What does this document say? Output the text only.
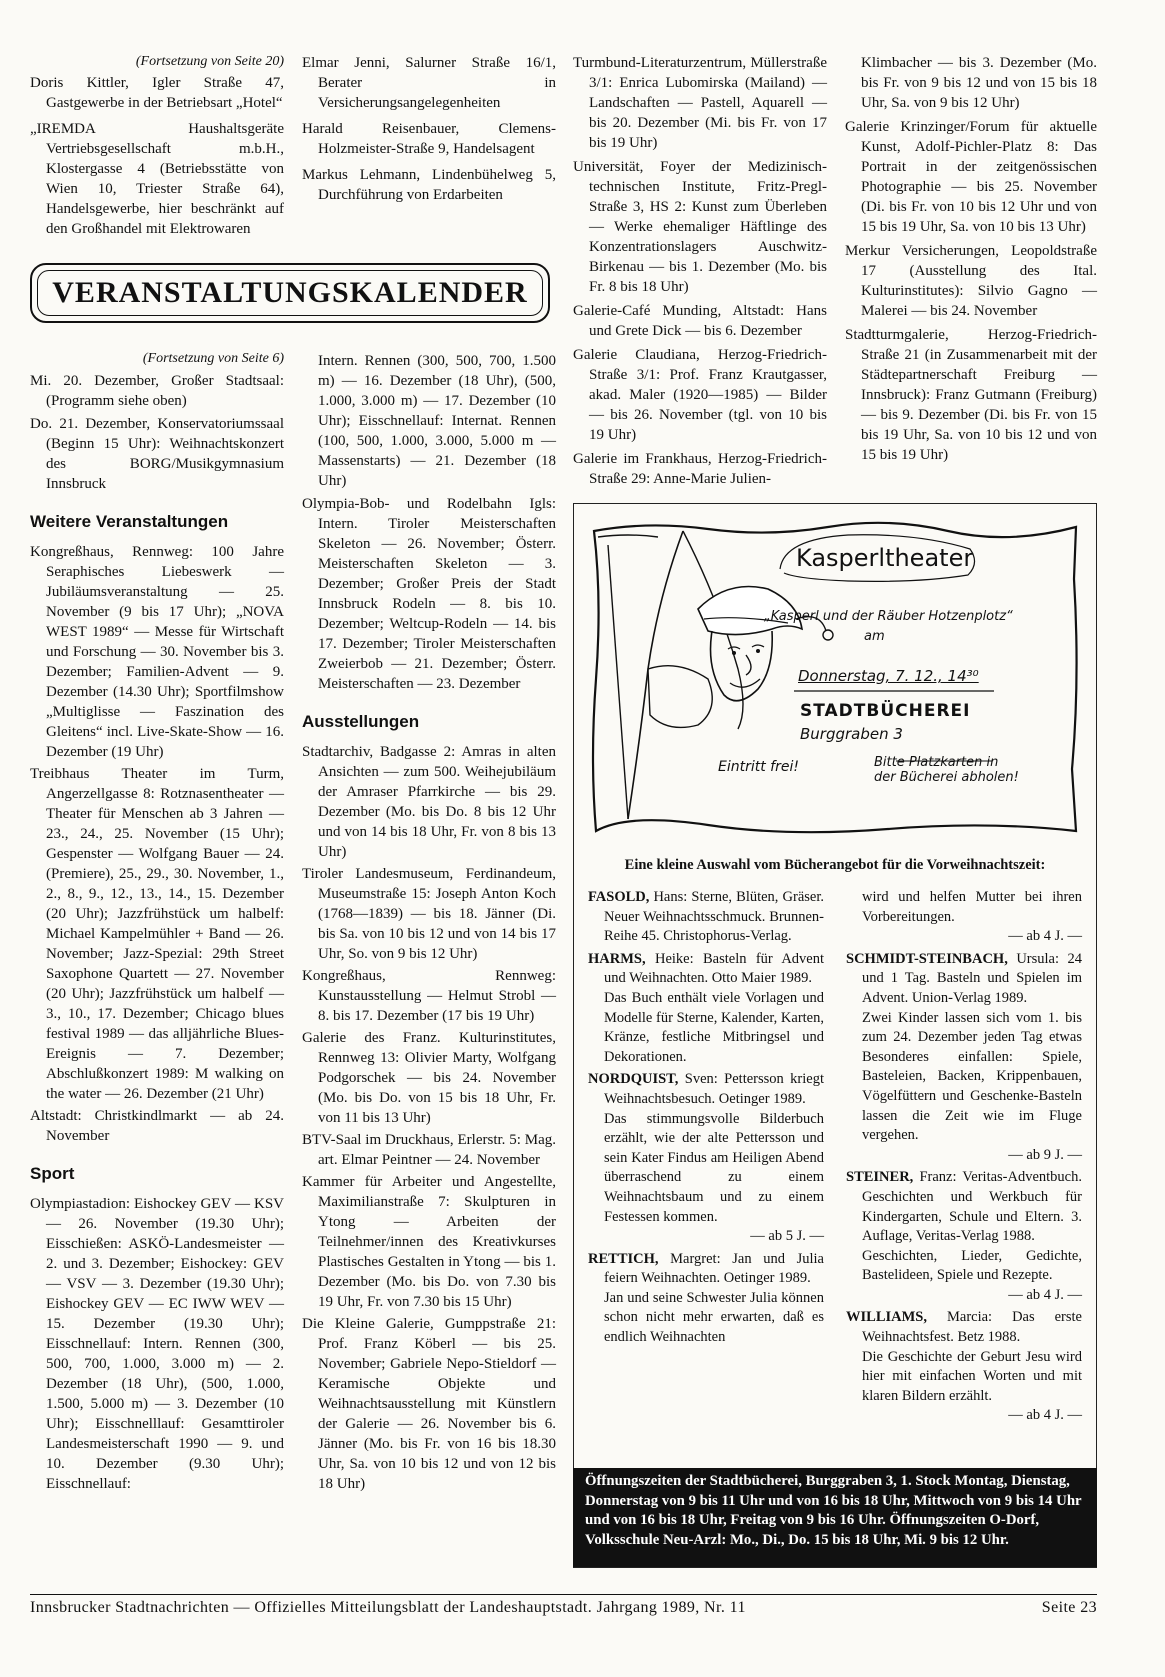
(Fortsetzung von Seite 20)

Doris Kittler, Igler Straße 47, Gastgewerbe in der Betriebsart „Hotel“

„IREMDA Haushaltsgeräte Vertriebsgesellschaft m.b.H., Klostergasse 4 (Betriebsstätte von Wien 10, Triester Straße 64), Handelsgewerbe, hier beschränkt auf den Großhandel mit Elektrowaren

Elmar Jenni, Salurner Straße 16/1, Berater in Versicherungsangelegenheiten

Harald Reisenbauer, Clemens-Holzmeister-Straße 9, Handelsagent

Markus Lehmann, Lindenbühelweg 5, Durchführung von Erdarbeiten

Turmbund-Literaturzentrum, Müllerstraße 3/1: Enrica Lubomirska (Mailand) — Landschaften — Pastell, Aquarell — bis 20. Dezember (Mi. bis Fr. von 17 bis 19 Uhr)

Universität, Foyer der Medizinisch-technischen Institute, Fritz-Pregl-Straße 3, HS 2: Kunst zum Überleben — Werke ehemaliger Häftlinge des Konzentrationslagers Auschwitz-Birkenau — bis 1. Dezember (Mo. bis Fr. 8 bis 18 Uhr)

Galerie-Café Munding, Altstadt: Hans und Grete Dick — bis 6. Dezember

Galerie Claudiana, Herzog-Friedrich-Straße 3/1: Prof. Franz Krautgasser, akad. Maler (1920—1985) — Bilder — bis 26. November (tgl. von 10 bis 19 Uhr)

Galerie im Frankhaus, Herzog-Friedrich-Straße 29: Anne-Marie Julien-

Klimbacher — bis 3. Dezember (Mo. bis Fr. von 9 bis 12 und von 15 bis 18 Uhr, Sa. von 9 bis 12 Uhr)

Galerie Krinzinger/Forum für aktuelle Kunst, Adolf-Pichler-Platz 8: Das Portrait in der zeitgenössischen Photographie — bis 25. November (Di. bis Fr. von 10 bis 12 Uhr und von 15 bis 19 Uhr, Sa. von 10 bis 13 Uhr)

Merkur Versicherungen, Leopoldstraße 17 (Ausstellung des Ital. Kulturinstitutes): Silvio Gagno — Malerei — bis 24. November

Stadtturmgalerie, Herzog-Friedrich-Straße 21 (in Zusammenarbeit mit der Städtepartnerschaft Freiburg — Innsbruck): Franz Gutmann (Freiburg) — bis 9. Dezember (Di. bis Fr. von 15 bis 19 Uhr, Sa. von 10 bis 12 und von 15 bis 19 Uhr)

VERANSTALTUNGSKALENDER
(Fortsetzung von Seite 6)

Mi. 20. Dezember, Großer Stadtsaal: (Programm siehe oben)

Do. 21. Dezember, Konservatoriumssaal (Beginn 15 Uhr): Weihnachtskonzert des BORG/Musikgymnasium Innsbruck

Weitere Veranstaltungen

Kongreßhaus, Rennweg: 100 Jahre Seraphisches Liebeswerk — Jubiläumsveranstaltung — 25. November (9 bis 17 Uhr); „NOVA WEST 1989“ — Messe für Wirtschaft und Forschung — 30. November bis 3. Dezember; Familien-Advent — 9. Dezember (14.30 Uhr); Sportfilmshow „Multiglisse — Faszination des Gleitens“ incl. Live-Skate-Show — 16. Dezember (19 Uhr)

Treibhaus Theater im Turm, Angerzellgasse 8: Rotznasentheater — Theater für Menschen ab 3 Jahren — 23., 24., 25. November (15 Uhr); Gespenster — Wolfgang Bauer — 24. (Premiere), 25., 29., 30. November, 1., 2., 8., 9., 12., 13., 14., 15. Dezember (20 Uhr); Jazzfrühstück um halbelf: Michael Kampelmühler + Band — 26. November; Jazz-Spezial: 29th Street Saxophone Quartett — 27. November (20 Uhr); Jazzfrühstück um halbelf — 3., 10., 17. Dezember; Chicago blues festival 1989 — das alljährliche Blues-Ereignis — 7. Dezember; Abschlußkonzert 1989: M walking on the water — 26. Dezember (21 Uhr)

Altstadt: Christkindlmarkt — ab 24. November

Sport

Olympiastadion: Eishockey GEV — KSV — 26. November (19.30 Uhr); Eisschießen: ASKÖ-Landesmeister — 2. und 3. Dezember; Eishockey: GEV — VSV — 3. Dezember (19.30 Uhr); Eishockey GEV — EC IWW WEV — 15. Dezember (19.30 Uhr); Eisschnellauf: Intern. Rennen (300, 500, 700, 1.000, 3.000 m) — 2. Dezember (18 Uhr), (500, 1.000, 1.500, 5.000 m) — 3. Dezember (10 Uhr); Eisschnelllauf: Gesamttiroler Landesmeisterschaft 1990 — 9. und 10. Dezember (9.30 Uhr); Eisschnellauf:

Intern. Rennen (300, 500, 700, 1.500 m) — 16. Dezember (18 Uhr), (500, 1.000, 3.000 m) — 17. Dezember (10 Uhr); Eisschnellauf: Internat. Rennen (100, 500, 1.000, 3.000, 5.000 m — Massenstarts) — 21. Dezember (18 Uhr)

Olympia-Bob- und Rodelbahn Igls: Intern. Tiroler Meisterschaften Skeleton — 26. November; Österr. Meisterschaften Skeleton — 3. Dezember; Großer Preis der Stadt Innsbruck Rodeln — 8. bis 10. Dezember; Weltcup-Rodeln — 14. bis 17. Dezember; Tiroler Meisterschaften Zweierbob — 21. Dezember; Österr. Meisterschaften — 23. Dezember

Ausstellungen

Stadtarchiv, Badgasse 2: Amras in alten Ansichten — zum 500. Weihejubiläum der Amraser Pfarrkirche — bis 29. Dezember (Mo. bis Do. 8 bis 12 Uhr und von 14 bis 18 Uhr, Fr. von 8 bis 13 Uhr)

Tiroler Landesmuseum, Ferdinandeum, Museumstraße 15: Joseph Anton Koch (1768—1839) — bis 18. Jänner (Di. bis Sa. von 10 bis 12 und von 14 bis 17 Uhr, So. von 9 bis 12 Uhr)

Kongreßhaus, Rennweg: Kunstausstellung — Helmut Strobl — 8. bis 17. Dezember (17 bis 19 Uhr)

Galerie des Franz. Kulturinstitutes, Rennweg 13: Olivier Marty, Wolfgang Podgorschek — bis 24. November (Mo. bis Do. von 15 bis 18 Uhr, Fr. von 11 bis 13 Uhr)

BTV-Saal im Druckhaus, Erlerstr. 5: Mag. art. Elmar Peintner — 24. November

Kammer für Arbeiter und Angestellte, Maximilianstraße 7: Skulpturen in Ytong — Arbeiten der Teilnehmer/innen des Kreativkurses Plastisches Gestalten in Ytong — bis 1. Dezember (Mo. bis Do. von 7.30 bis 19 Uhr, Fr. von 7.30 bis 15 Uhr)

Die Kleine Galerie, Gumppstraße 21: Prof. Franz Köberl — bis 25. November; Gabriele Nepo-Stieldorf — Keramische Objekte und Weihnachtsausstellung mit Künstlern der Galerie — 26. November bis 6. Jänner (Mo. bis Fr. von 16 bis 18.30 Uhr, Sa. von 10 bis 12 und von 12 bis 18 Uhr)

Kasperltheater
„Kasperl und der Räuber Hotzenplotz“
am
Donnerstag, 7. 12., 14³⁰
STADTBÜCHEREI
Burggraben 3
Eintritt frei!	Bitte Platzkarten in der Bücherei abholen!
Eine kleine Auswahl vom Bücherangebot für die Vorweihnachtszeit:
FASOLD, Hans: Sterne, Blüten, Gräser. Neuer Weihnachtsschmuck. Brunnen-Reihe 45. Christophorus-Verlag.
HARMS, Heike: Basteln für Advent und Weihnachten. Otto Maier 1989.
Das Buch enthält viele Vorlagen und Modelle für Sterne, Kalender, Karten, Kränze, festliche Mitbringsel und Dekorationen.
NORDQUIST, Sven: Pettersson kriegt Weihnachtsbesuch. Oetinger 1989.
Das stimmungsvolle Bilderbuch erzählt, wie der alte Pettersson und sein Kater Findus am Heiligen Abend überraschend zu einem Weihnachtsbaum und zu einem Festessen kommen.
— ab 5 J. —
RETTICH, Margret: Jan und Julia feiern Weihnachten. Oetinger 1989.
Jan und seine Schwester Julia können schon nicht mehr erwarten, daß es endlich Weihnachten
wird und helfen Mutter bei ihren Vorbereitungen.
— ab 4 J. —
SCHMIDT-STEINBACH, Ursula: 24 und 1 Tag. Basteln und Spielen im Advent. Union-Verlag 1989.
Zwei Kinder lassen sich vom 1. bis zum 24. Dezember jeden Tag etwas Besonderes einfallen: Spiele, Basteleien, Backen, Krippenbauen, Vögelfüttern und Geschenke-Basteln lassen die Zeit wie im Fluge vergehen.
— ab 9 J. —
STEINER, Franz: Veritas-Adventbuch. Geschichten und Werkbuch für Kindergarten, Schule und Eltern. 3. Auflage, Veritas-Verlag 1988.
Geschichten, Lieder, Gedichte, Bastelideen, Spiele und Rezepte.
— ab 4 J. —
WILLIAMS, Marcia: Das erste Weihnachtsfest. Betz 1988.
Die Geschichte der Geburt Jesu wird hier mit einfachen Worten und mit klaren Bildern erzählt.
— ab 4 J. —
Öffnungszeiten der Stadtbücherei, Burggraben 3, 1. Stock Montag, Dienstag, Donnerstag von 9 bis 11 Uhr und von 16 bis 18 Uhr, Mittwoch von 9 bis 14 Uhr und von 16 bis 18 Uhr, Freitag von 9 bis 16 Uhr. Öffnungszeiten O-Dorf, Volksschule Neu-Arzl: Mo., Di., Do. 15 bis 18 Uhr, Mi. 9 bis 12 Uhr.
Innsbrucker Stadtnachrichten — Offizielles Mitteilungsblatt der Landeshauptstadt. Jahrgang 1989, Nr. 11	Seite 23
